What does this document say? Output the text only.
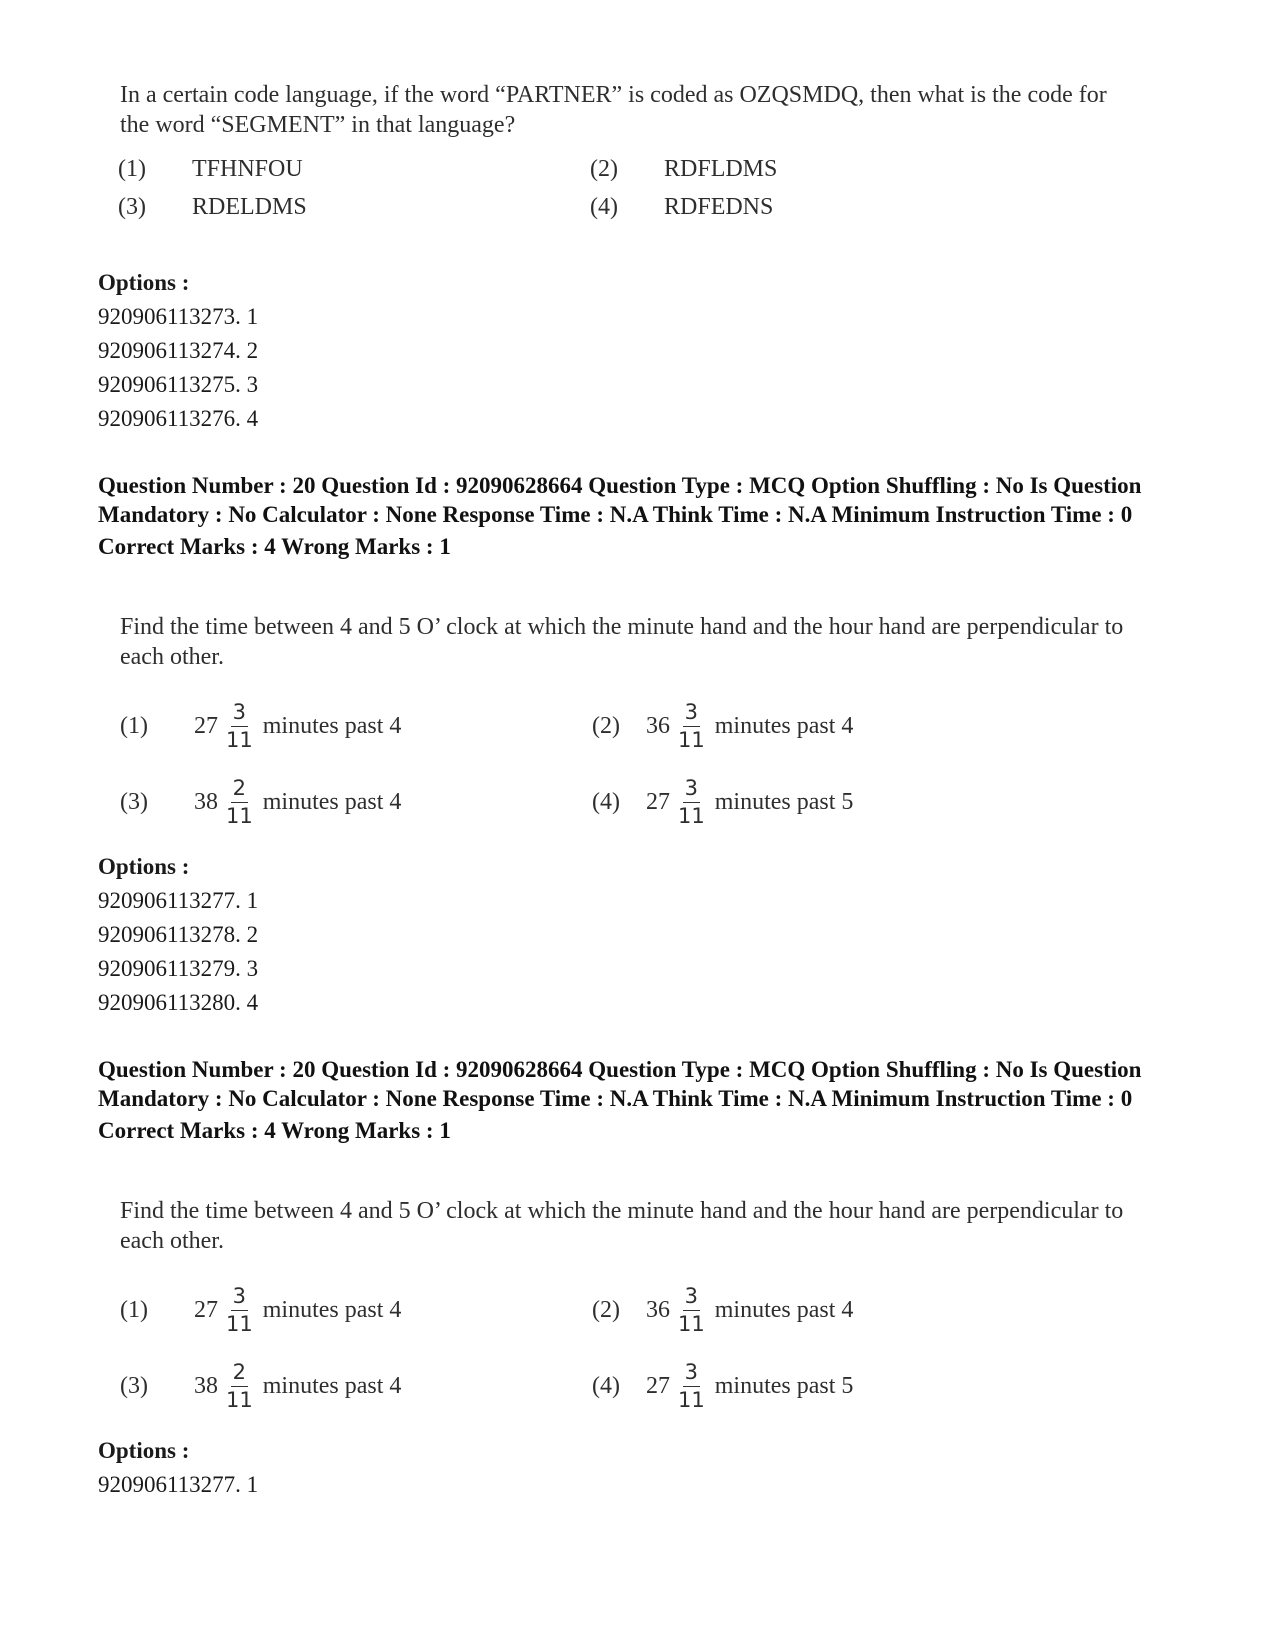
In a certain code language, if the word “PARTNER” is coded as OZQSMDQ, then what is the code for the word “SEGMENT” in that language?

(1)	TFHNFOU	(2)	RDFLDMS
(3)	RDELDMS	(4)	RDFEDNS
Options :
920906113273. 1
920906113274. 2
920906113275. 3
920906113276. 4
Question Number : 20 Question Id : 92090628664 Question Type : MCQ Option Shuffling : No Is Question Mandatory : No Calculator : None Response Time : N.A Think Time : N.A Minimum Instruction Time : 0
Correct Marks : 4 Wrong Marks : 1

Find the time between 4 and 5 O’ clock at which the minute hand and the hour hand are perpendicular to each other.

(1)	$27 \frac{3}{11}$ minutes past 4	(2)	$36 \frac{3}{11}$ minutes past 4
(3)	$38 \frac{2}{11}$ minutes past 4	(4)	$27 \frac{3}{11}$ minutes past 5
Options :
920906113277. 1
920906113278. 2
920906113279. 3
920906113280. 4
Question Number : 20 Question Id : 92090628664 Question Type : MCQ Option Shuffling : No Is Question Mandatory : No Calculator : None Response Time : N.A Think Time : N.A Minimum Instruction Time : 0
Correct Marks : 4 Wrong Marks : 1

Find the time between 4 and 5 O’ clock at which the minute hand and the hour hand are perpendicular to each other.

(1)	$27 \frac{3}{11}$ minutes past 4	(2)	$36 \frac{3}{11}$ minutes past 4
(3)	$38 \frac{2}{11}$ minutes past 4	(4)	$27 \frac{3}{11}$ minutes past 5
Options :
920906113277. 1
